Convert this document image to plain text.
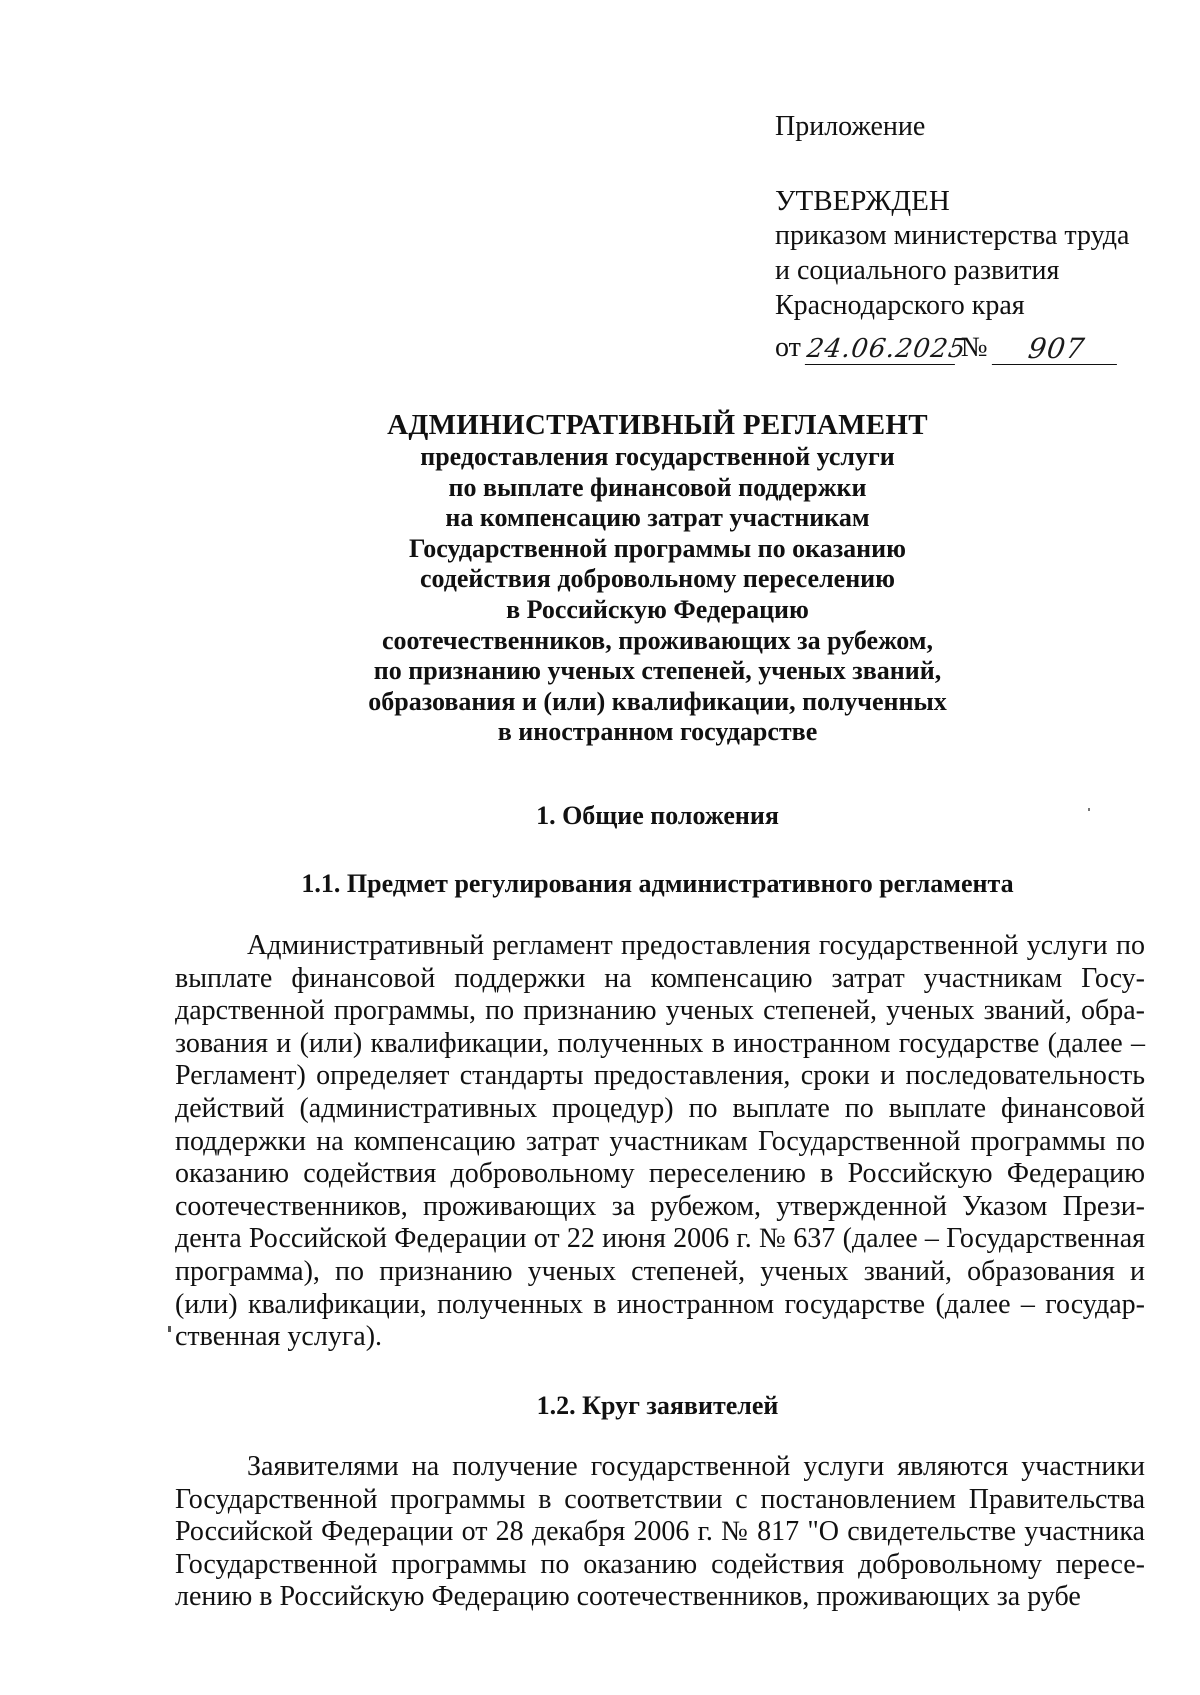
Приложение
УТВЕРЖДЕН
приказом министерства труда
и социального развития
Краснодарского края
от 24.06.2025
№	907
АДМИНИСТРАТИВНЫЙ РЕГЛАМЕНТ
предоставления государственной услуги
по выплате финансовой поддержки
на компенсацию затрат участникам
Государственной программы по оказанию
содействия добровольному переселению
в Российскую Федерацию
соотечественников, проживающих за рубежом,
по признанию ученых степеней, ученых званий,
образования и (или) квалификации, полученных
в иностранном государстве
1. Общие положения
1.1. Предмет регулирования административного регламента
Административный регламент предоставления государственной услуги по выплате финансовой поддержки на компенсацию затрат участникам Государственной программы, по признанию ученых степеней, ученых званий, образования и (или) квалификации, полученных в иностранном государстве (далее – Регламент) определяет стандарты предоставления, сроки и последовательность действий (административных процедур) по выплате по выплате финансовой поддержки на компенсацию затрат участникам Государственной программы по оказанию содействия добровольному переселению в Российскую Федерацию соотечественников, проживающих за рубежом, утвержденной Указом Президента Российской Федерации от 22 июня 2006 г. № 637 (далее – Государственная программа), по признанию ученых степеней, ученых званий, образования и (или) квалификации, полученных в иностранном государстве (далее – государственная услуга).
1.2. Круг заявителей
Заявителями на получение государственной услуги являются участники Государственной программы в соответствии с постановлением Правительства Российской Федерации от 28 декабря 2006 г. № 817 "О свидетельстве участника Государственной программы по оказанию содействия добровольному переселению в Российскую Федерацию соотечественников, проживающих за рубе
